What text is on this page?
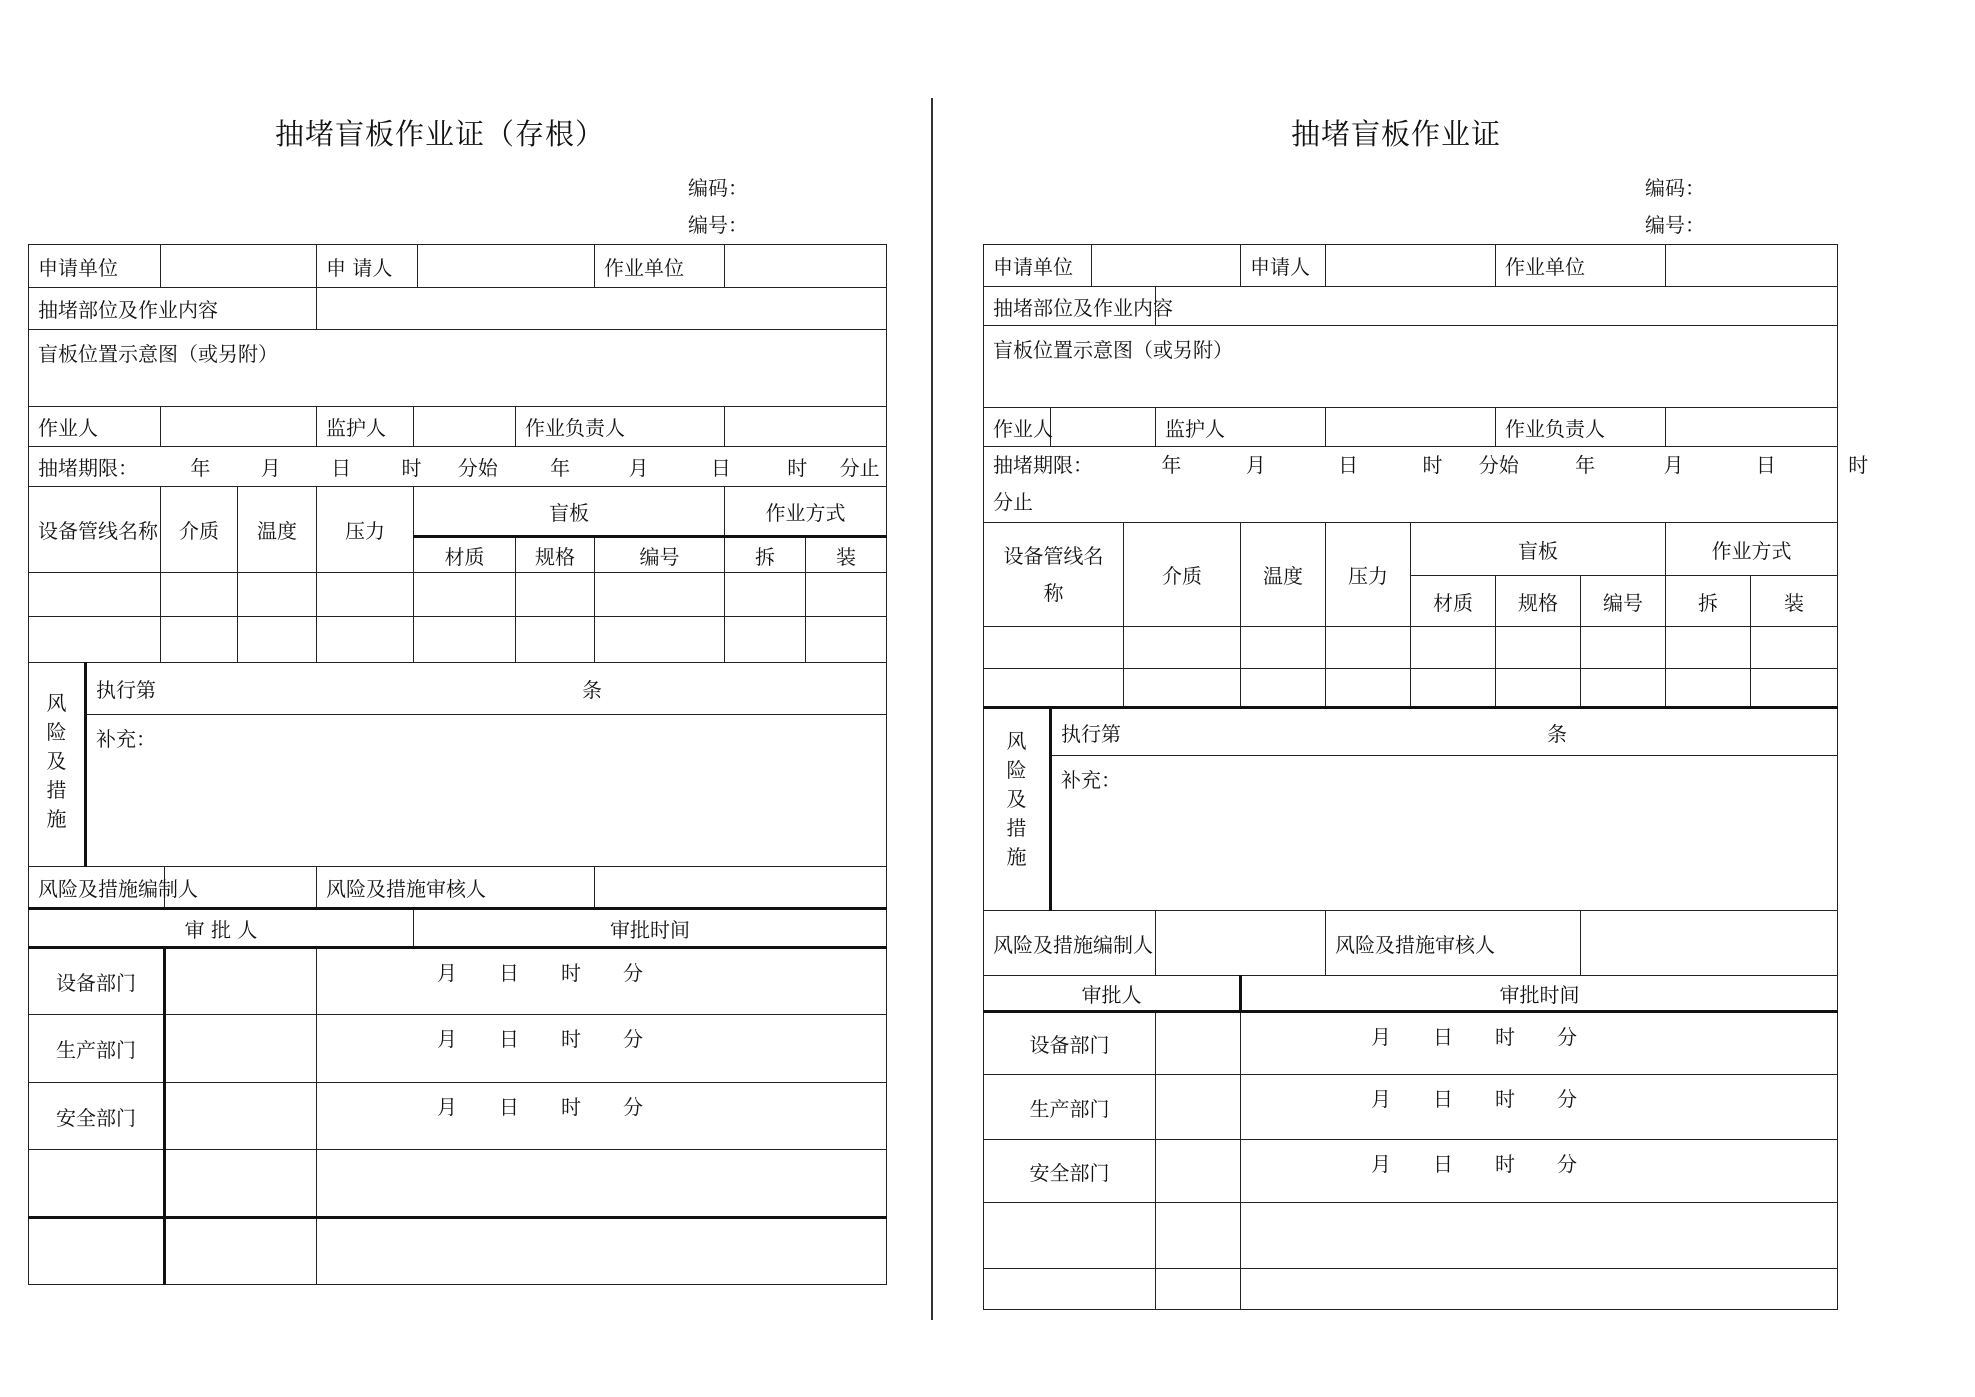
抽堵盲板作业证（存根）
编码：
编号：
申请单位					申 请人				作业单位		
抽堵部位及作业内容											
盲板位置示意图（或另附）											
作业人					监护人			作业负责人			
抽堵期限： 年 月 日 时 分始 年 月 日 时 分止											
设备管线名称		介质		温度	压力	盲板				作业方式	
						材质		规格	编号	拆	装

风
险
及
措
施	执行第 条										
	补充：										
风险及措施编制人					风险及措施审核人						
审 批 人						审批时间					
设备部门					月 日 时 分						
生产部门					月 日 时 分						
安全部门					月 日 时 分						

抽堵盲板作业证
编码：
编号：
申请单位					申请人			作业单位			
抽堵部位及作业内容											
盲板位置示意图（或另附）											
作业人				监护人				作业负责人			
抽堵期限： 年 月 日 时 分始 年 月 日 时
分止											
设备管线名
称			介质		温度	压力	盲板			作业方式	
							材质	规格	编号	拆	装

风
险
及
措
施	执行第 条										
	补充：										
风险及措施编制人						风险及措施审核人					
审批人					审批时间						
设备部门					月 日 时 分						
生产部门					月 日 时 分						
安全部门					月 日 时 分						
